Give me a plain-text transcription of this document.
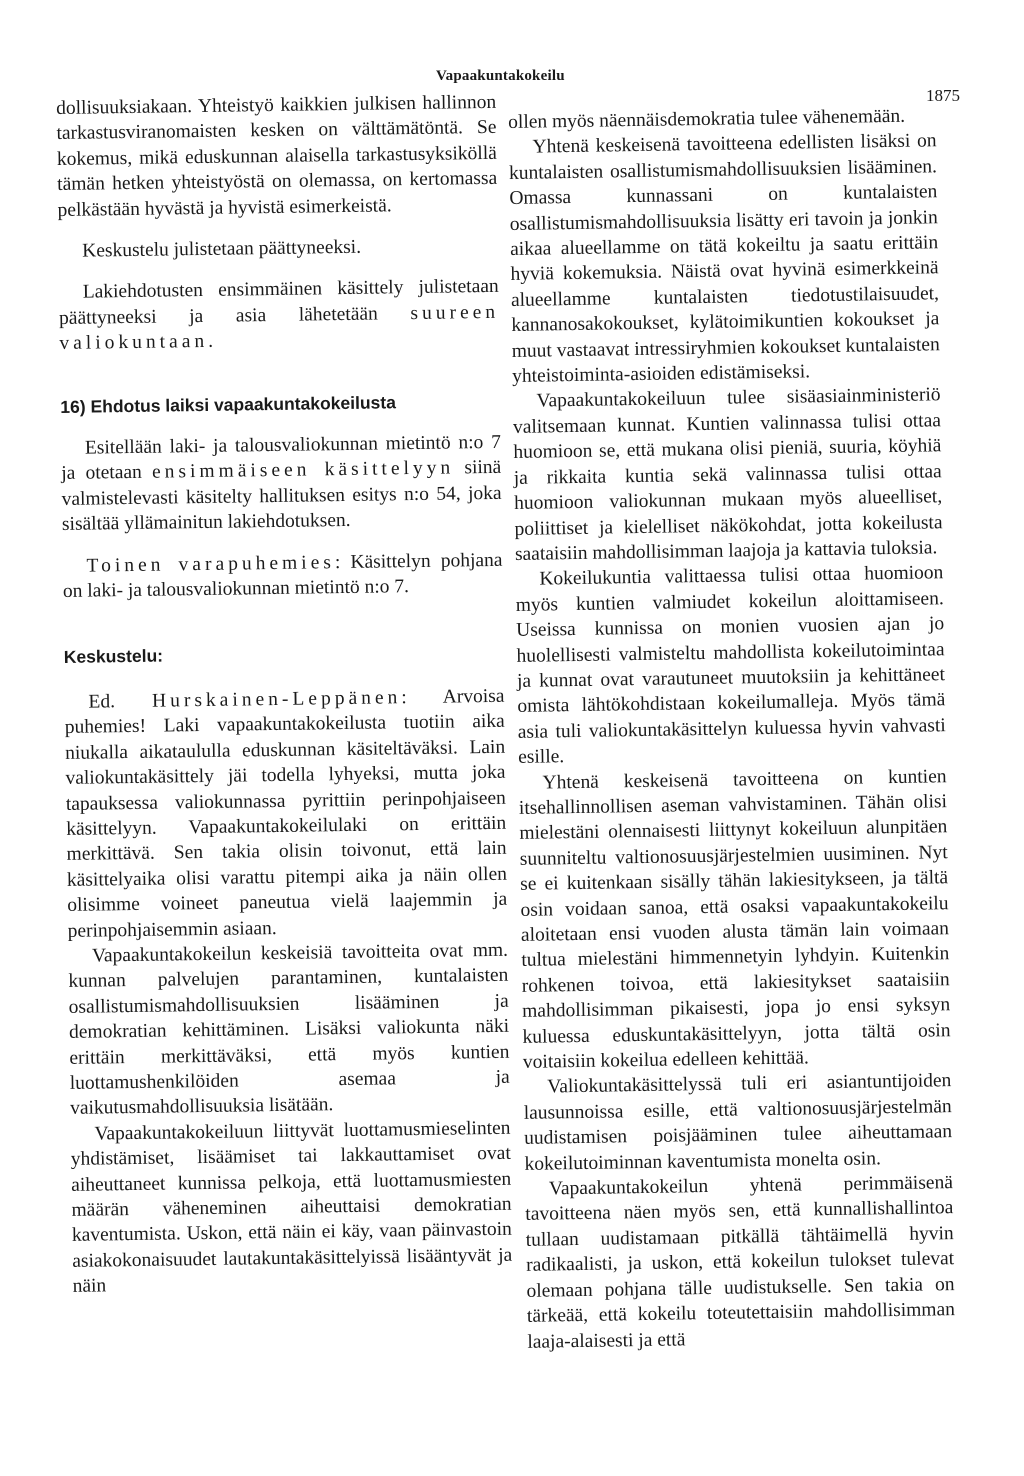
Vapaakuntakokeilu
1875

dollisuuksiakaan. Yhteistyö kaikkien julkisen hallinnon tarkastusviranomaisten kesken on välttämätöntä. Se kokemus, mikä eduskunnan alaisella tarkastusyksiköllä tämän hetken yhteistyöstä on olemassa, on kertomassa pelkästään hyvästä ja hyvistä esimerkeistä.

Keskustelu julistetaan päättyneeksi.

Lakiehdotusten ensimmäinen käsittely julistetaan päättyneeksi ja asia lähetetään suureen valiokuntaan.

16) Ehdotus laiksi vapaakuntakokeilusta

Esitellään laki- ja talousvaliokunnan mietintö n:o 7 ja otetaan ensimmäiseen käsittelyyn siinä valmistelevasti käsitelty hallituksen esitys n:o 54, joka sisältää yllämainitun lakiehdotuksen.

Toinen varapuhemies: Käsittelyn pohjana on laki- ja talousvaliokunnan mietintö n:o 7.

Keskustelu:

Ed. Hurskainen-Leppänen: Arvoisa puhemies! Laki vapaakuntakokeilusta tuotiin aika niukalla aikataululla eduskunnan käsiteltäväksi. Lain valiokuntakäsittely jäi todella lyhyeksi, mutta joka tapauksessa valiokunnassa pyrittiin perinpohjaiseen käsittelyyn. Vapaakuntakokeilulaki on erittäin merkittävä. Sen takia olisin toivonut, että lain käsittelyaika olisi varattu pitempi aika ja näin ollen olisimme voineet paneutua vielä laajemmin ja perinpohjaisemmin asiaan.

Vapaakuntakokeilun keskeisiä tavoitteita ovat mm. kunnan palvelujen parantaminen, kuntalaisten osallistumismahdollisuuksien lisääminen ja demokratian kehittäminen. Lisäksi valiokunta näki erittäin merkittäväksi, että myös kuntien luottamushenkilöiden asemaa ja vaikutusmahdollisuuksia lisätään.

Vapaakuntakokeiluun liittyvät luottamusmieselinten yhdistämiset, lisäämiset tai lakkauttamiset ovat aiheuttaneet kunnissa pelkoja, että luottamusmiesten määrän väheneminen aiheuttaisi demokratian kaventumista. Uskon, että näin ei käy, vaan päinvastoin asiakokonaisuudet lautakuntakäsittelyissä lisääntyvät ja näin

ollen myös näennäisdemokratia tulee vähenemään.

Yhtenä keskeisenä tavoitteena edellisten lisäksi on kuntalaisten osallistumismahdollisuuksien lisääminen. Omassa kunnassani on kuntalaisten osallistumismahdollisuuksia lisätty eri tavoin ja jonkin aikaa alueellamme on tätä kokeiltu ja saatu erittäin hyviä kokemuksia. Näistä ovat hyvinä esimerkkeinä alueellamme kuntalaisten tiedotustilaisuudet, kannanosakokoukset, kylätoimikuntien kokoukset ja muut vastaavat intressiryhmien kokoukset kuntalaisten yhteistoiminta-asioiden edistämiseksi.

Vapaakuntakokeiluun tulee sisäasiainministeriö valitsemaan kunnat. Kuntien valinnassa tulisi ottaa huomioon se, että mukana olisi pieniä, suuria, köyhiä ja rikkaita kuntia sekä valinnassa tulisi ottaa huomioon valiokunnan mukaan myös alueelliset, poliittiset ja kielelliset näkökohdat, jotta kokeilusta saataisiin mahdollisimman laajoja ja kattavia tuloksia.

Kokeilukuntia valittaessa tulisi ottaa huomioon myös kuntien valmiudet kokeilun aloittamiseen. Useissa kunnissa on monien vuosien ajan jo huolellisesti valmisteltu mahdollista kokeilutoimintaa ja kunnat ovat varautuneet muutoksiin ja kehittäneet omista lähtökohdistaan kokeilumalleja. Myös tämä asia tuli valiokuntakäsittelyn kuluessa hyvin vahvasti esille.

Yhtenä keskeisenä tavoitteena on kuntien itsehallinnollisen aseman vahvistaminen. Tähän olisi mielestäni olennaisesti liittynyt kokeiluun alunpitäen suunniteltu valtionosuusjärjestelmien uusiminen. Nyt se ei kuitenkaan sisälly tähän lakiesitykseen, ja tältä osin voidaan sanoa, että osaksi vapaakuntakokeilu aloitetaan ensi vuoden alusta tämän lain voimaan tultua mielestäni himmennetyin lyhdyin. Kuitenkin rohkenen toivoa, että lakiesitykset saataisiin mahdollisimman pikaisesti, jopa jo ensi syksyn kuluessa eduskuntakäsittelyyn, jotta tältä osin voitaisiin kokeilua edelleen kehittää.

Valiokuntakäsittelyssä tuli eri asiantuntijoiden lausunnoissa esille, että valtionosuusjärjestelmän uudistamisen poisjääminen tulee aiheuttamaan kokeilutoiminnan kaventumista monelta osin.

Vapaakuntakokeilun yhtenä perimmäisenä tavoitteena näen myös sen, että kunnallishallintoa tullaan uudistamaan pitkällä tähtäimellä hyvin radikaalisti, ja uskon, että kokeilun tulokset tulevat olemaan pohjana tälle uudistukselle. Sen takia on tärkeää, että kokeilu toteutettaisiin mahdollisimman laaja-alaisesti ja että
